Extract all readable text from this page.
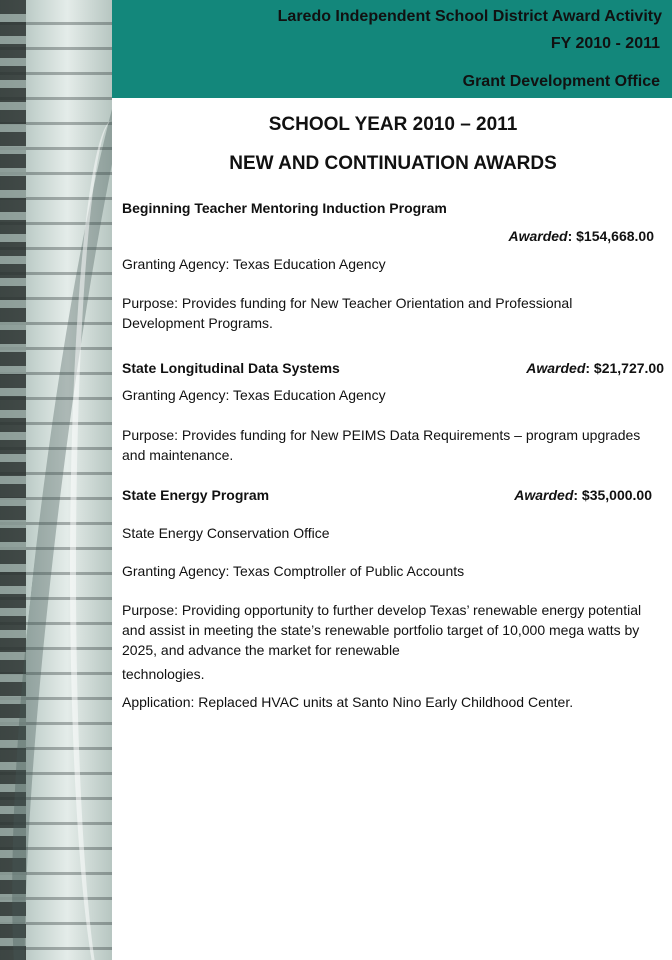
Laredo Independent School District Award Activity
FY 2010 - 2011
Grant Development Office
SCHOOL YEAR 2010 – 2011
NEW AND CONTINUATION AWARDS
Beginning Teacher Mentoring Induction Program
Awarded: $154,668.00
Granting Agency: Texas Education Agency
Purpose: Provides funding for New Teacher Orientation and Professional Development Programs.
State Longitudinal Data Systems	Awarded: $21,727.00
Granting Agency: Texas Education Agency
Purpose: Provides funding for New PEIMS Data Requirements – program upgrades and maintenance.
State Energy Program	Awarded: $35,000.00
State Energy Conservation Office
Granting Agency: Texas Comptroller of Public Accounts
Purpose: Providing opportunity to further develop Texas’ renewable energy potential and assist in meeting the state’s renewable portfolio target of 10,000 mega watts by 2025, and advance the market for renewable
technologies.
Application: Replaced HVAC units at Santo Nino Early Childhood Center.
